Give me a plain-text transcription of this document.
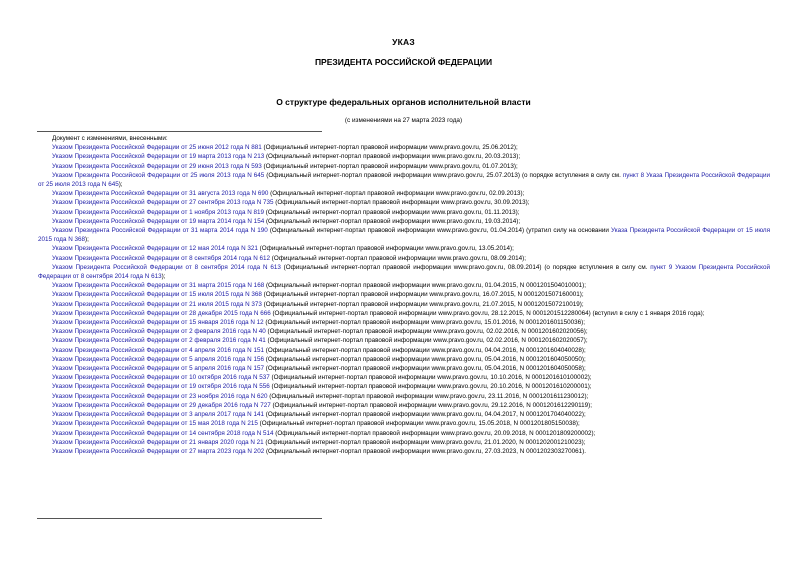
УКАЗ
ПРЕЗИДЕНТА РОССИЙСКОЙ ФЕДЕРАЦИИ
О структуре федеральных органов исполнительной власти
(с изменениями на 27 марта 2023 года)
Документ с изменениями, внесенными:
Указом Президента Российской Федерации от 25 июня 2012 года N 881 (Официальный интернет-портал правовой информации www.pravo.gov.ru, 25.06.2012);
Указом Президента Российской Федерации от 19 марта 2013 года N 213 (Официальный интернет-портал правовой информации www.pravo.gov.ru, 20.03.2013);
Указом Президента Российской Федерации от 29 июня 2013 года N 593 (Официальный интернет-портал правовой информации www.pravo.gov.ru, 01.07.2013);
Указом Президента Российской Федерации от 25 июля 2013 года N 645 (Официальный интернет-портал правовой информации www.pravo.gov.ru, 25.07.2013) (о порядке вступления в силу см. пункт 8 Указа Президента Российской Федерации от 25 июля 2013 года N 645);
Указом Президента Российской Федерации от 31 августа 2013 года N 690 (Официальный интернет-портал правовой информации www.pravo.gov.ru, 02.09.2013);
Указом Президента Российской Федерации от 27 сентября 2013 года N 735 (Официальный интернет-портал правовой информации www.pravo.gov.ru, 30.09.2013);
Указом Президента Российской Федерации от 1 ноября 2013 года N 819 (Официальный интернет-портал правовой информации www.pravo.gov.ru, 01.11.2013);
Указом Президента Российской Федерации от 19 марта 2014 года N 154 (Официальный интернет-портал правовой информации www.pravo.gov.ru, 19.03.2014);
Указом Президента Российской Федерации от 31 марта 2014 года N 190 (Официальный интернет-портал правовой информации www.pravo.gov.ru, 01.04.2014) (утратил силу на основании Указа Президента Российской Федерации от 15 июля 2015 года N 368);
Указом Президента Российской Федерации от 12 мая 2014 года N 321 (Официальный интернет-портал правовой информации www.pravo.gov.ru, 13.05.2014);
Указом Президента Российской Федерации от 8 сентября 2014 года N 612 (Официальный интернет-портал правовой информации www.pravo.gov.ru, 08.09.2014);
Указом Президента Российской Федерации от 8 сентября 2014 года N 613 (Официальный интернет-портал правовой информации www.pravo.gov.ru, 08.09.2014) (о порядке вступления в силу см. пункт 9 Указом Президента Российской Федерации от 8 сентября 2014 года N 613);
Указом Президента Российской Федерации от 31 марта 2015 года N 168 (Официальный интернет-портал правовой информации www.pravo.gov.ru, 01.04.2015, N 0001201504010001);
Указом Президента Российской Федерации от 15 июля 2015 года N 368 (Официальный интернет-портал правовой информации www.pravo.gov.ru, 16.07.2015, N 0001201507160001);
Указом Президента Российской Федерации от 21 июля 2015 года N 373 (Официальный интернет-портал правовой информации www.pravo.gov.ru, 21.07.2015, N 0001201507210019);
Указом Президента Российской Федерации от 28 декабря 2015 года N 666 (Официальный интернет-портал правовой информации www.pravo.gov.ru, 28.12.2015, N 0001201512280064) (вступил в силу с 1 января 2016 года);
Указом Президента Российской Федерации от 15 января 2016 года N 12 (Официальный интернет-портал правовой информации www.pravo.gov.ru, 15.01.2016, N 0001201601150036);
Указом Президента Российской Федерации от 2 февраля 2016 года N 40 (Официальный интернет-портал правовой информации www.pravo.gov.ru, 02.02.2016, N 0001201602020056);
Указом Президента Российской Федерации от 2 февраля 2016 года N 41 (Официальный интернет-портал правовой информации www.pravo.gov.ru, 02.02.2016, N 0001201602020057);
Указом Президента Российской Федерации от 4 апреля 2016 года N 151 (Официальный интернет-портал правовой информации www.pravo.gov.ru, 04.04.2016, N 0001201604040028);
Указом Президента Российской Федерации от 5 апреля 2016 года N 156 (Официальный интернет-портал правовой информации www.pravo.gov.ru, 05.04.2016, N 0001201604050050);
Указом Президента Российской Федерации от 5 апреля 2016 года N 157 (Официальный интернет-портал правовой информации www.pravo.gov.ru, 05.04.2016, N 0001201604050058);
Указом Президента Российской Федерации от 10 октября 2016 года N 537 (Официальный интернет-портал правовой информации www.pravo.gov.ru, 10.10.2016, N 0001201610100002);
Указом Президента Российской Федерации от 19 октября 2016 года N 556 (Официальный интернет-портал правовой информации www.pravo.gov.ru, 20.10.2016, N 0001201610200001);
Указом Президента Российской Федерации от 23 ноября 2016 года N 620 (Официальный интернет-портал правовой информации www.pravo.gov.ru, 23.11.2016, N 0001201611230012);
Указом Президента Российской Федерации от 29 декабря 2016 года N 727 (Официальный интернет-портал правовой информации www.pravo.gov.ru, 29.12.2016, N 0001201612290119);
Указом Президента Российской Федерации от 3 апреля 2017 года N 141 (Официальный интернет-портал правовой информации www.pravo.gov.ru, 04.04.2017, N 0001201704040022);
Указом Президента Российской Федерации от 15 мая 2018 года N 215 (Официальный интернет-портал правовой информации www.pravo.gov.ru, 15.05.2018, N 0001201805150038);
Указом Президента Российской Федерации от 14 сентября 2018 года N 514 (Официальный интернет-портал правовой информации www.pravo.gov.ru, 20.09.2018, N 0001201809200002);
Указом Президента Российской Федерации от 21 января 2020 года N 21 (Официальный интернет-портал правовой информации www.pravo.gov.ru, 21.01.2020, N 0001202001210023);
Указом Президента Российской Федерации от 27 марта 2023 года N 202 (Официальный интернет-портал правовой информации www.pravo.gov.ru, 27.03.2023, N 0001202303270061).
